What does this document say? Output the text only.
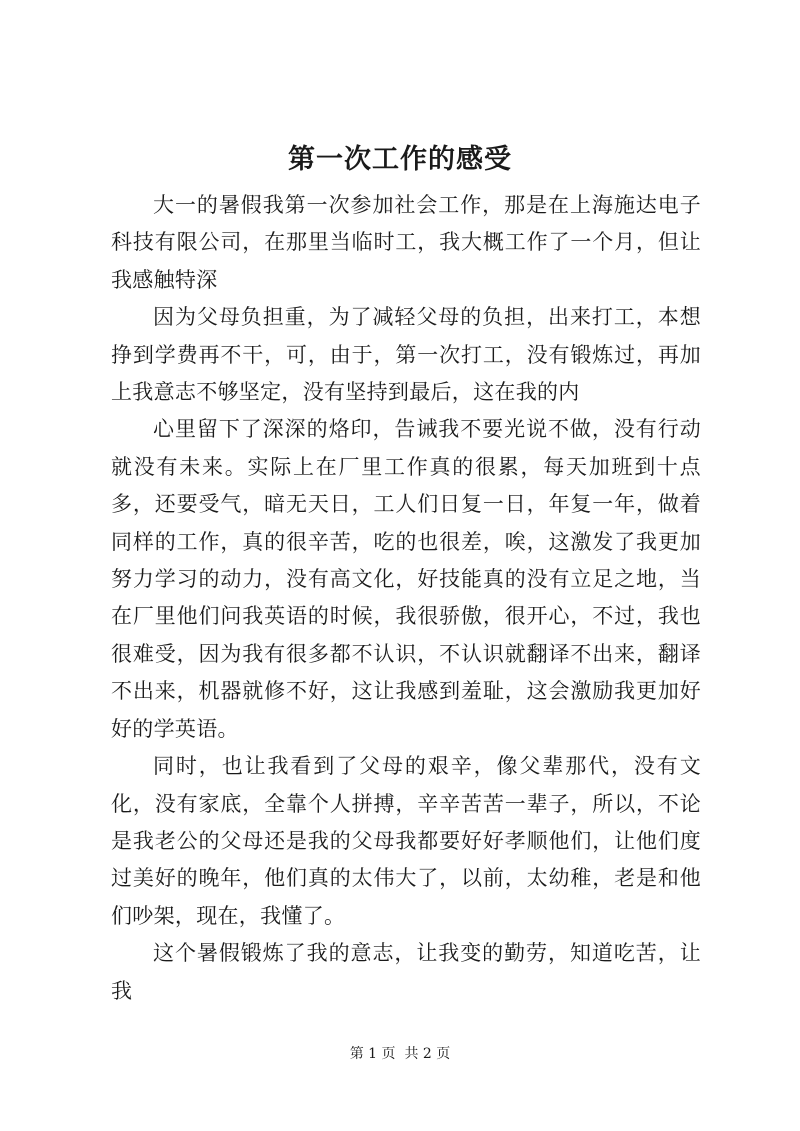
第一次工作的感受

大一的暑假我第一次参加社会工作，那是在上海施达电子科技有限公司，在那里当临时工，我大概工作了一个月，但让我感触特深

因为父母负担重，为了减轻父母的负担，出来打工，本想挣到学费再不干，可，由于，第一次打工，没有锻炼过，再加上我意志不够坚定，没有坚持到最后，这在我的内

心里留下了深深的烙印，告诫我不要光说不做，没有行动就没有未来。实际上在厂里工作真的很累，每天加班到十点多，还要受气，暗无天日，工人们日复一日，年复一年，做着同样的工作，真的很辛苦，吃的也很差，唉，这激发了我更加努力学习的动力，没有高文化，好技能真的没有立足之地，当在厂里他们问我英语的时候，我很骄傲，很开心，不过，我也很难受，因为我有很多都不认识，不认识就翻译不出来，翻译不出来，机器就修不好，这让我感到羞耻，这会激励我更加好好的学英语。

同时，也让我看到了父母的艰辛，像父辈那代，没有文化，没有家底，全靠个人拼搏，辛辛苦苦一辈子，所以，不论是我老公的父母还是我的父母我都要好好孝顺他们，让他们度过美好的晚年，他们真的太伟大了，以前，太幼稚，老是和他们吵架，现在，我懂了。

这个暑假锻炼了我的意志，让我变的勤劳，知道吃苦，让我

第 1 页  共 2 页
